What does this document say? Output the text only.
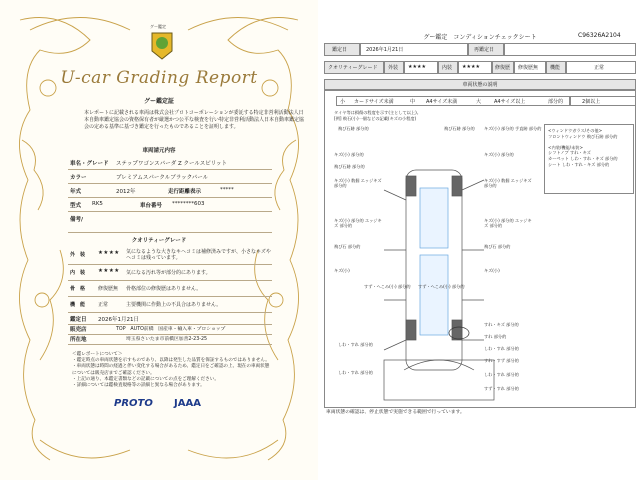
グー鑑定
U-car Grading Report
グー鑑定証
本レポートに記載される車両は株式会社プロトコーポレーションが委託する特定非営利活動法人日本自動車鑑定協会の資格保有者が厳選かつ公平な検査を行い特定非営利活動法人日本自動車鑑定協会の定める基準に基づき鑑定を行ったものであることを証明します。
車両請元内容
車名・グレード ステップワゴンスパーダ Z クールスピリット
カラー	プレミアムスパークルブラックパール
年式	2012年	走行距離表示	*****
型式 RK5	車台番号 ********603
備考/
クオリティーグレード
外　装 ★★★★ 気になるような大きなキヘコミは補修済みですが、小さなキズやヘコミは残っています。
内　装 ★★★★ 気になる汚れ等が部分的にあります。
骨　格	修復歴無 骨格部位の修復歴はありません。
機　能	正常	主要機関に作動上の不具合はありません。
鑑定日 2026年1月21日
販売店	TOP　AUTO前橋　国産車・輸入車・プロショップ
所在地	埼玉県さいたま市前橋区加善2-23-25
＜鑑レポートについて＞
・鑑定時点の車両状態を示すものであり、以降は発生した品質を保証するものではありません。
・車両状態は時間の経過と伴い変化する場合があるため、鑑定日をご確認の上、現在の車両状態については販売店までご確認ください。
・上記の通り、本鑑定書類などの記載についての点をご理解ください。
・詳細については鑑検査規格等の詳細と異なる場合があります。
PROTO JAAA
グー鑑定　コンディションチェックシート	C96326A2104
鑑定日	2026年1月21日	再鑑定日
クオリティーグレード 外装 ★★★★	内装 ★★★★	修復歴 修復歴無 機能	正常
車両状態の説明
小 カードサイズ未満	中 A4サイズ未満	大	A4サイズ以上	部分的	2個以上
タイヤ等は損傷の程度を示す(主として以上)。
[例] 飛石(小)一個などの記載(キズの小程度)
飛び石跡 部分的	飛び石跡 部分的 キズ(小) 部分的 手直跡 部分的
キズ(小) 部分的	キズ(小) 部分的
飛び石跡 部分的
キズ(小) 数個 エッジキズ 部分的
キズ(小) 数個 エッジキズ 部分的
キズ(小) 部分的 エッジキズ 部分的
キズ(小) 部分的 エッジキズ 部分的
飛び石 部分的	飛び石 部分的
キズ(小)	キズ(小)
すず・へこみ(小) 部分的 すず・へこみ(小) 部分的
すれ・キズ 部分的
すれ 部分的
しわ・すれ 部分的
しわ・すれ 部分的
すれ・すず 部分的
しわ・すれ 部分的	しわ・すれ 部分的
すず・すれ 部分的
<ウィンドウガラス/その他>
フロントウィンドウ 飛び石跡 部分的

<内装/機能/未装>
シフトノブ すれ・キズ
カーペット しわ・すれ・キズ 部分的
シート しわ・すれ・キズ 部分的
車両状態の確認は、停止状態で実施できる範囲で行っています。
